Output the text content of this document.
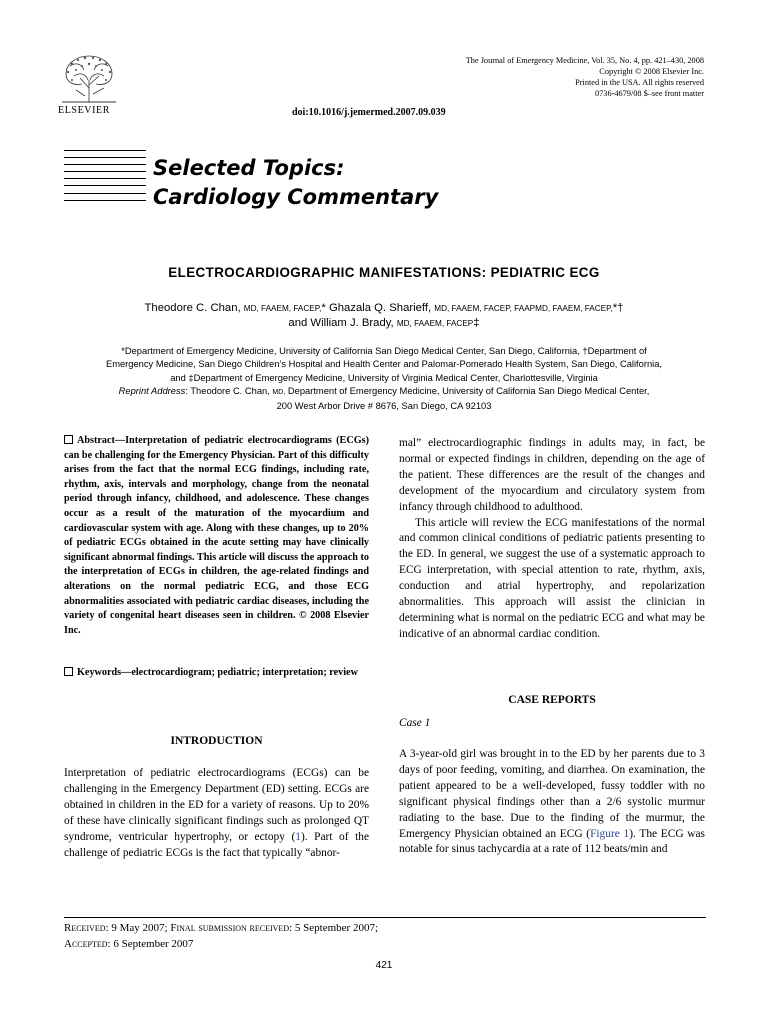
ELSEVIER
The Journal of Emergency Medicine, Vol. 35, No. 4, pp. 421–430, 2008
Copyright © 2008 Elsevier Inc.
Printed in the USA. All rights reserved
0736-4679/08 $–see front matter
doi:10.1016/j.jemermed.2007.09.039
Selected Topics:
Cardiology Commentary
ELECTROCARDIOGRAPHIC MANIFESTATIONS: PEDIATRIC ECG
Theodore C. Chan, MD, FAAEM, FACEP,* Ghazala Q. Sharieff, MD, FAAEM, FACEP, FAAPMD, FAAEM, FACEP,*†
and William J. Brady, MD, FAAEM, FACEP‡
*Department of Emergency Medicine, University of California San Diego Medical Center, San Diego, California, †Department of
Emergency Medicine, San Diego Children’s Hospital and Health Center and Palomar-Pomerado Health System, San Diego, California,
and ‡Department of Emergency Medicine, University of Virginia Medical Center, Charlottesville, Virginia
Reprint Address: Theodore C. Chan, MD, Department of Emergency Medicine, University of California San Diego Medical Center,
200 West Arbor Drive # 8676, San Diego, CA 92103
Abstract—Interpretation of pediatric electrocardiograms (ECGs) can be challenging for the Emergency Physician. Part of this difficulty arises from the fact that the normal ECG findings, including rate, rhythm, axis, intervals and morphology, change from the neonatal period through infancy, childhood, and adolescence. These changes occur as a result of the maturation of the myocardium and cardiovascular system with age. Along with these changes, up to 20% of pediatric ECGs obtained in the acute setting may have clinically significant abnormal findings. This article will discuss the approach to the interpretation of ECGs in children, the age-related findings and alterations on the normal pediatric ECG, and those ECG abnormalities associated with pediatric cardiac diseases, including the variety of congenital heart diseases seen in children. © 2008 Elsevier Inc.
Keywords—electrocardiogram; pediatric; interpretation; review
INTRODUCTION
Interpretation of pediatric electrocardiograms (ECGs) can be challenging in the Emergency Department (ED) setting. ECGs are obtained in children in the ED for a variety of reasons. Up to 20% of these have clinically significant findings such as prolonged QT syndrome, ventricular hypertrophy, or ectopy (1). Part of the challenge of pediatric ECGs is the fact that typically “abnor-

mal” electrocardiographic findings in adults may, in fact, be normal or expected findings in children, depending on the age of the patient. These differences are the result of the changes and development of the myocardium and circulatory system from infancy through childhood to adulthood.

This article will review the ECG manifestations of the normal and common clinical conditions of pediatric patients presenting to the ED. In general, we suggest the use of a systematic approach to ECG interpretation, with special attention to rate, rhythm, axis, conduction and atrial hypertrophy, and repolarization abnormalities. This approach will assist the clinician in determining what is normal on the pediatric ECG and what may be indicative of an abnormal cardiac condition.

CASE REPORTS
Case 1
A 3-year-old girl was brought in to the ED by her parents due to 3 days of poor feeding, vomiting, and diarrhea. On examination, the patient appeared to be a well-developed, fussy toddler with no significant physical findings other than a 2/6 systolic murmur radiating to the base. Due to the finding of the murmur, the Emergency Physician obtained an ECG (Figure 1). The ECG was notable for sinus tachycardia at a rate of 112 beats/min and
Received: 9 May 2007; Final submission received: 5 September 2007;
Accepted: 6 September 2007
421
